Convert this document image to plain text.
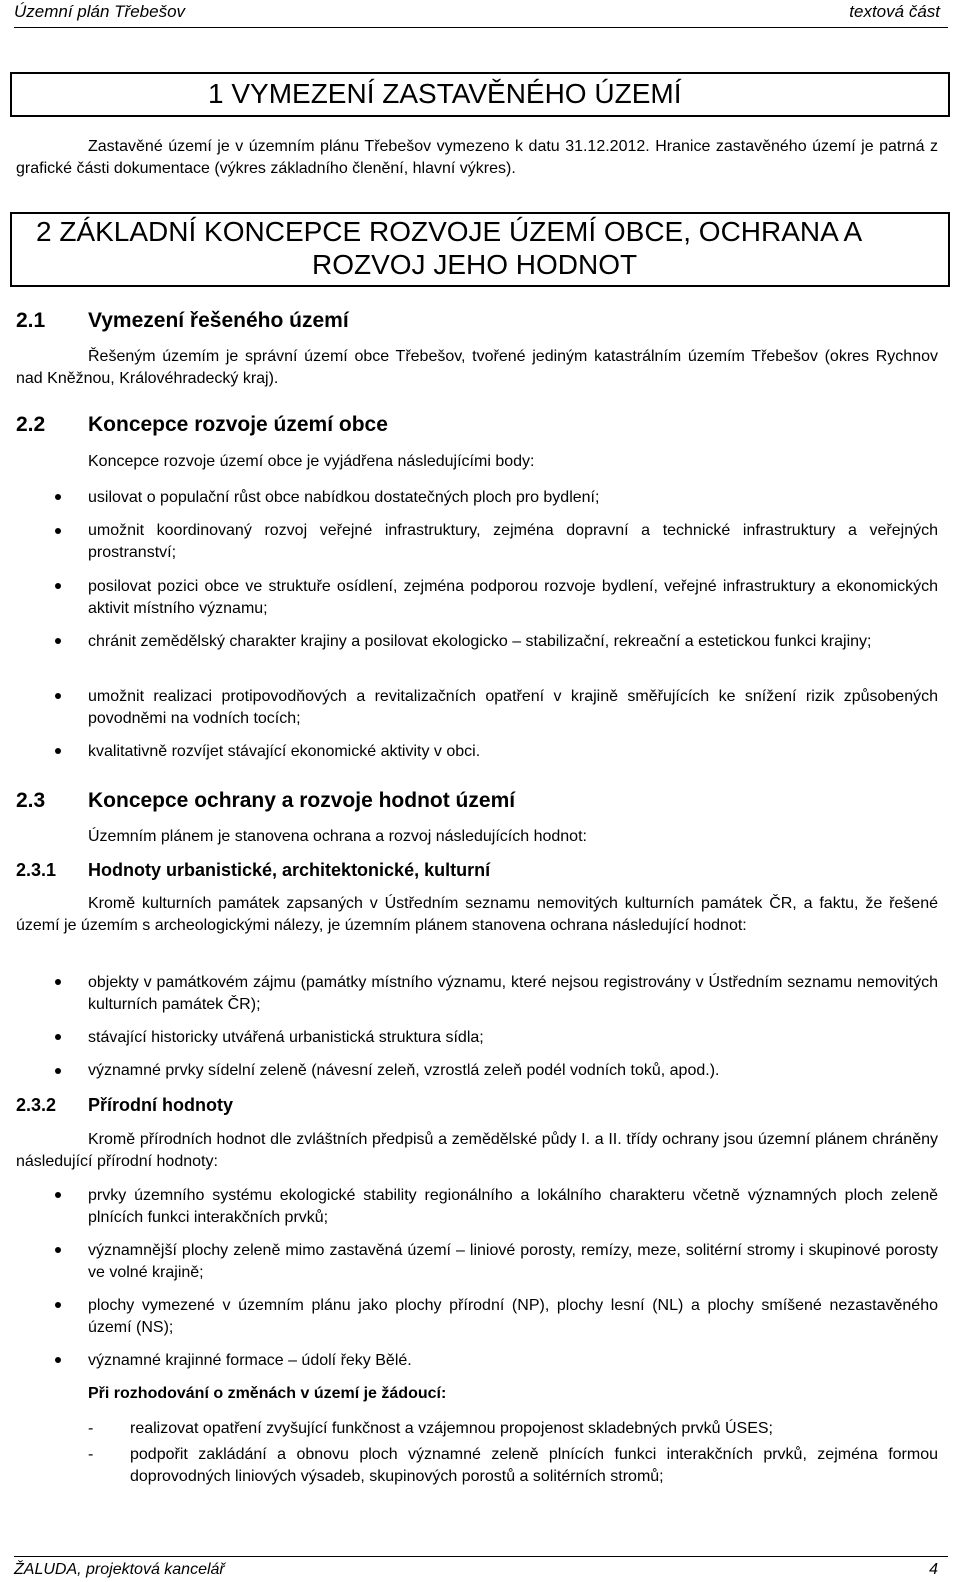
Územní plán Třebešov	textová část
1 VYMEZENÍ ZASTAVĚNÉHO ÚZEMÍ
Zastavěné území je v územním plánu Třebešov vymezeno k datu 31.12.2012. Hranice zastavěného území je patrná z grafické části dokumentace (výkres základního členění, hlavní výkres).
2 ZÁKLADNÍ KONCEPCE ROZVOJE ÚZEMÍ OBCE, OCHRANA A
ROZVOJ JEHO HODNOT
2.1 Vymezení řešeného území
Řešeným územím je správní území obce Třebešov, tvořené jediným katastrálním územím Třebešov (okres Rychnov nad Kněžnou, Královéhradecký kraj).
2.2 Koncepce rozvoje území obce
Koncepce rozvoje území obce je vyjádřena následujícími body:
usilovat o populační růst obce nabídkou dostatečných ploch pro bydlení;
umožnit koordinovaný rozvoj veřejné infrastruktury, zejména dopravní a technické infrastruktury a veřejných prostranství;
posilovat pozici obce ve struktuře osídlení, zejména podporou rozvoje bydlení, veřejné infrastruktury a ekonomických aktivit místního významu;
chránit zemědělský charakter krajiny a posilovat ekologicko – stabilizační, rekreační a estetickou funkci krajiny;
umožnit realizaci protipovodňových a revitalizačních opatření v krajině směřujících ke snížení rizik způsobených povodněmi na vodních tocích;
kvalitativně rozvíjet stávající ekonomické aktivity v obci.
2.3 Koncepce ochrany a rozvoje hodnot území
Územním plánem je stanovena ochrana a rozvoj následujících hodnot:
2.3.1 Hodnoty urbanistické, architektonické, kulturní
Kromě kulturních památek zapsaných v Ústředním seznamu nemovitých kulturních památek ČR, a faktu, že řešené území je územím s archeologickými nálezy, je územním plánem stanovena ochrana následující hodnot:
objekty v památkovém zájmu (památky místního významu, které nejsou registrovány v Ústředním seznamu nemovitých kulturních památek ČR);
stávající historicky utvářená urbanistická struktura sídla;
významné prvky sídelní zeleně (návesní zeleň, vzrostlá zeleň podél vodních toků, apod.).
2.3.2 Přírodní hodnoty
Kromě přírodních hodnot dle zvláštních předpisů a zemědělské půdy I. a II. třídy ochrany jsou územní plánem chráněny následující přírodní hodnoty:
prvky územního systému ekologické stability regionálního a lokálního charakteru včetně významných ploch zeleně plnících funkci interakčních prvků;
významnější plochy zeleně mimo zastavěná území – liniové porosty, remízy, meze, solitérní stromy i skupinové porosty ve volné krajině;
plochy vymezené v územním plánu jako plochy přírodní (NP), plochy lesní (NL) a plochy smíšené nezastavěného území (NS);
významné krajinné formace – údolí řeky Bělé.
Při rozhodování o změnách v území je žádoucí:
- realizovat opatření zvyšující funkčnost a vzájemnou propojenost skladebných prvků ÚSES;
- podpořit zakládání a obnovu ploch významné zeleně plnících funkci interakčních prvků, zejména formou doprovodných liniových výsadeb, skupinových porostů a solitérních stromů;
ŽALUDA, projektová kancelář	4
